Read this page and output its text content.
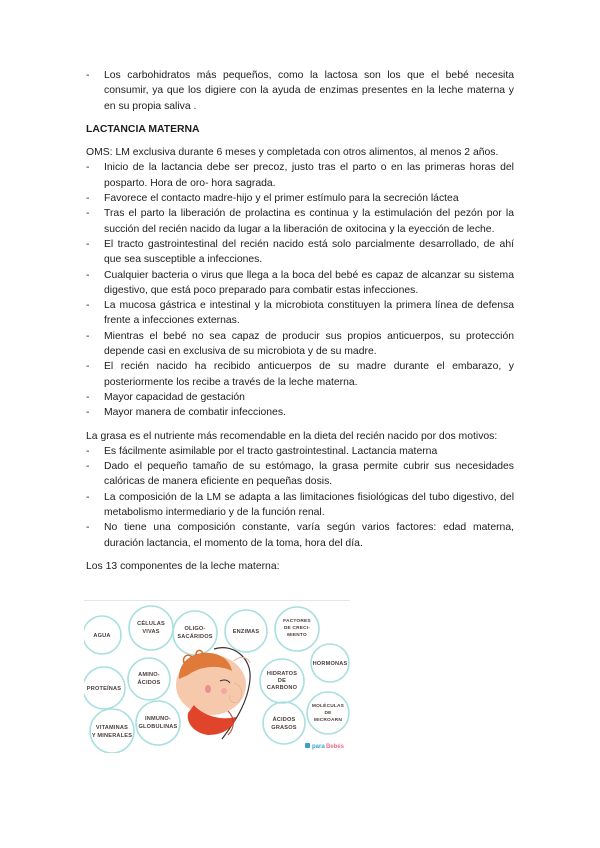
- Los carbohidratos más pequeños, como la lactosa son los que el bebé necesita consumir, ya que los digiere con la ayuda de enzimas presentes en la leche materna y en su propia saliva .
LACTANCIA MATERNA
OMS: LM exclusiva durante 6 meses y completada con otros alimentos, al menos 2 años.
- Inicio de la lactancia debe ser precoz, justo tras el parto o en las primeras horas del posparto. Hora de oro- hora sagrada.
- Favorece el contacto madre-hijo y el primer estímulo para la secreción láctea
- Tras el parto la liberación de prolactina es continua y la estimulación del pezón por la succión del recién nacido da lugar a la liberación de oxitocina y la eyección de leche.
- El tracto gastrointestinal del recién nacido está solo parcialmente desarrollado, de ahí que sea susceptible a infecciones.
- Cualquier bacteria o virus que llega a la boca del bebé es capaz de alcanzar su sistema digestivo, que está poco preparado para combatir estas infecciones.
- La mucosa gástrica e intestinal y la microbiota constituyen la primera línea de defensa frente a infecciones externas.
- Mientras el bebé no sea capaz de producir sus propios anticuerpos, su protección depende casi en exclusiva de su microbiota y de su madre.
- El recién nacido ha recibido anticuerpos de su madre durante el embarazo, y posteriormente los recibe a través de la leche materna.
- Mayor capacidad de gestación
- Mayor manera de combatir infecciones.
La grasa es el nutriente más recomendable en la dieta del recién nacido por dos motivos:
- Es fácilmente asimilable por el tracto gastrointestinal. Lactancia materna
- Dado el pequeño tamaño de su estómago, la grasa permite cubrir sus necesidades calóricas de manera eficiente en pequeñas dosis.
- La composición de la LM se adapta a las limitaciones fisiológicas del tubo digestivo, del metabolismo intermediario y de la función renal.
- No tiene una composición constante, varía según varios factores: edad materna, duración lactancia, el momento de la toma, hora del día.
Los 13 componentes de la leche materna:
AGUA
CÉLULAS
VIVAS	OLIGO-
SACÁRIDOS
ENZIMAS
FACTORES
DE CRECI-
MIENTO
HORMONAS
PROTEÍNAS
AMINO-
ÁCIDOS
HIDRATOS
DE
CARBONO
INMUNO-
GLOBULINAS
VITAMINAS
Y MINERALES
ÁCIDOS
GRASOS
MOLÉCULAS
DE
MICROARN
para Bebés
